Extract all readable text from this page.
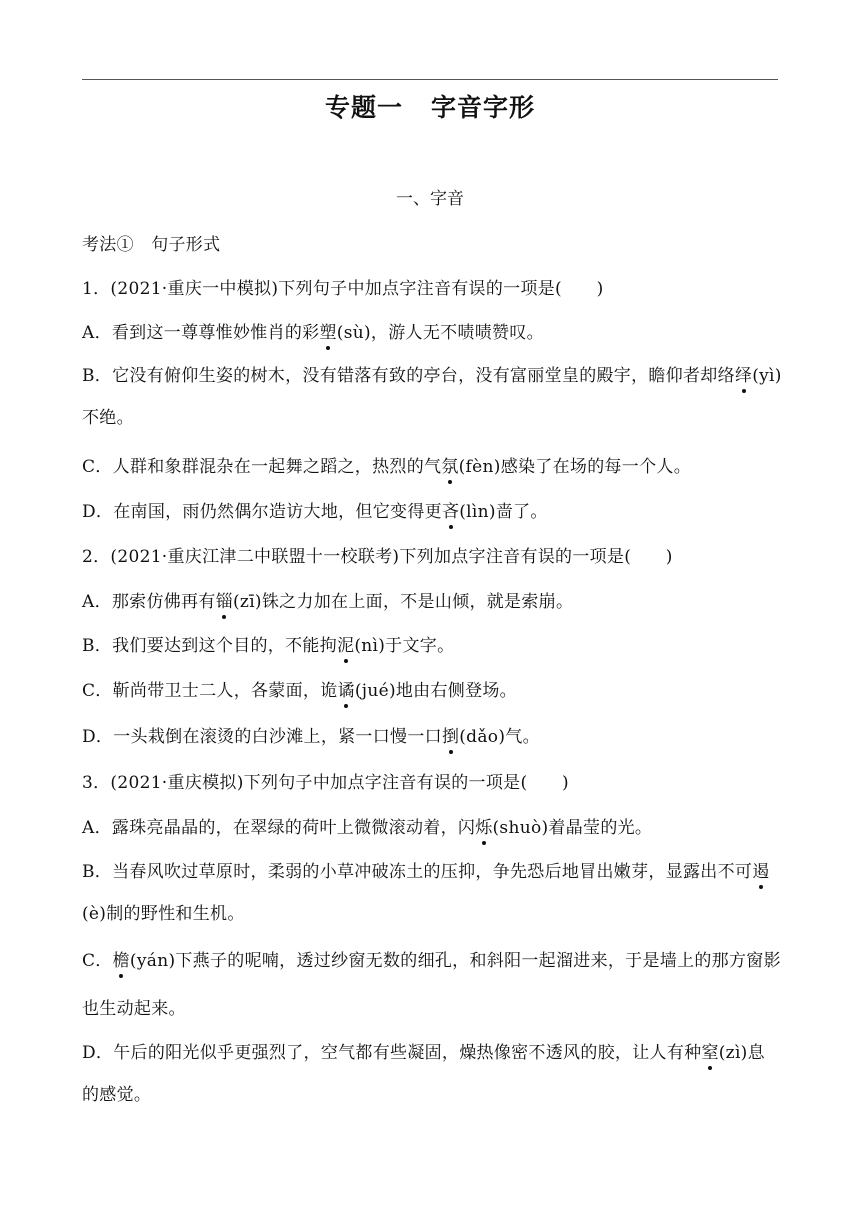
专题一 字音字形
一、字音
考法①　句子形式
1．(2021·重庆一中模拟)下列句子中加点字注音有误的一项是(　　)
A．看到这一尊尊惟妙惟肖的彩塑(sù)，游人无不啧啧赞叹。
B．它没有俯仰生姿的树木，没有错落有致的亭台，没有富丽堂皇的殿宇，瞻仰者却络绎(yì)不绝。
C．人群和象群混杂在一起舞之蹈之，热烈的气氛(fèn)感染了在场的每一个人。
D．在南国，雨仍然偶尔造访大地，但它变得更吝(lìn)啬了。
2．(2021·重庆江津二中联盟十一校联考)下列加点字注音有误的一项是(　　)
A．那索仿佛再有锱(zī)铢之力加在上面，不是山倾，就是索崩。
B．我们要达到这个目的，不能拘泥(nì)于文字。
C．靳尚带卫士二人，各蒙面，诡谲(jué)地由右侧登场。
D．一头栽倒在滚烫的白沙滩上，紧一口慢一口捯(dǎo)气。
3．(2021·重庆模拟)下列句子中加点字注音有误的一项是(　　)
A．露珠亮晶晶的，在翠绿的荷叶上微微滚动着，闪烁(shuò)着晶莹的光。
B．当春风吹过草原时，柔弱的小草冲破冻土的压抑，争先恐后地冒出嫩芽，显露出不可遏(è)制的野性和生机。
C．檐(yán)下燕子的呢喃，透过纱窗无数的细孔，和斜阳一起溜进来，于是墙上的那方窗影也生动起来。
D．午后的阳光似乎更强烈了，空气都有些凝固，燥热像密不透风的胶，让人有种窒(zì)息的感觉。
